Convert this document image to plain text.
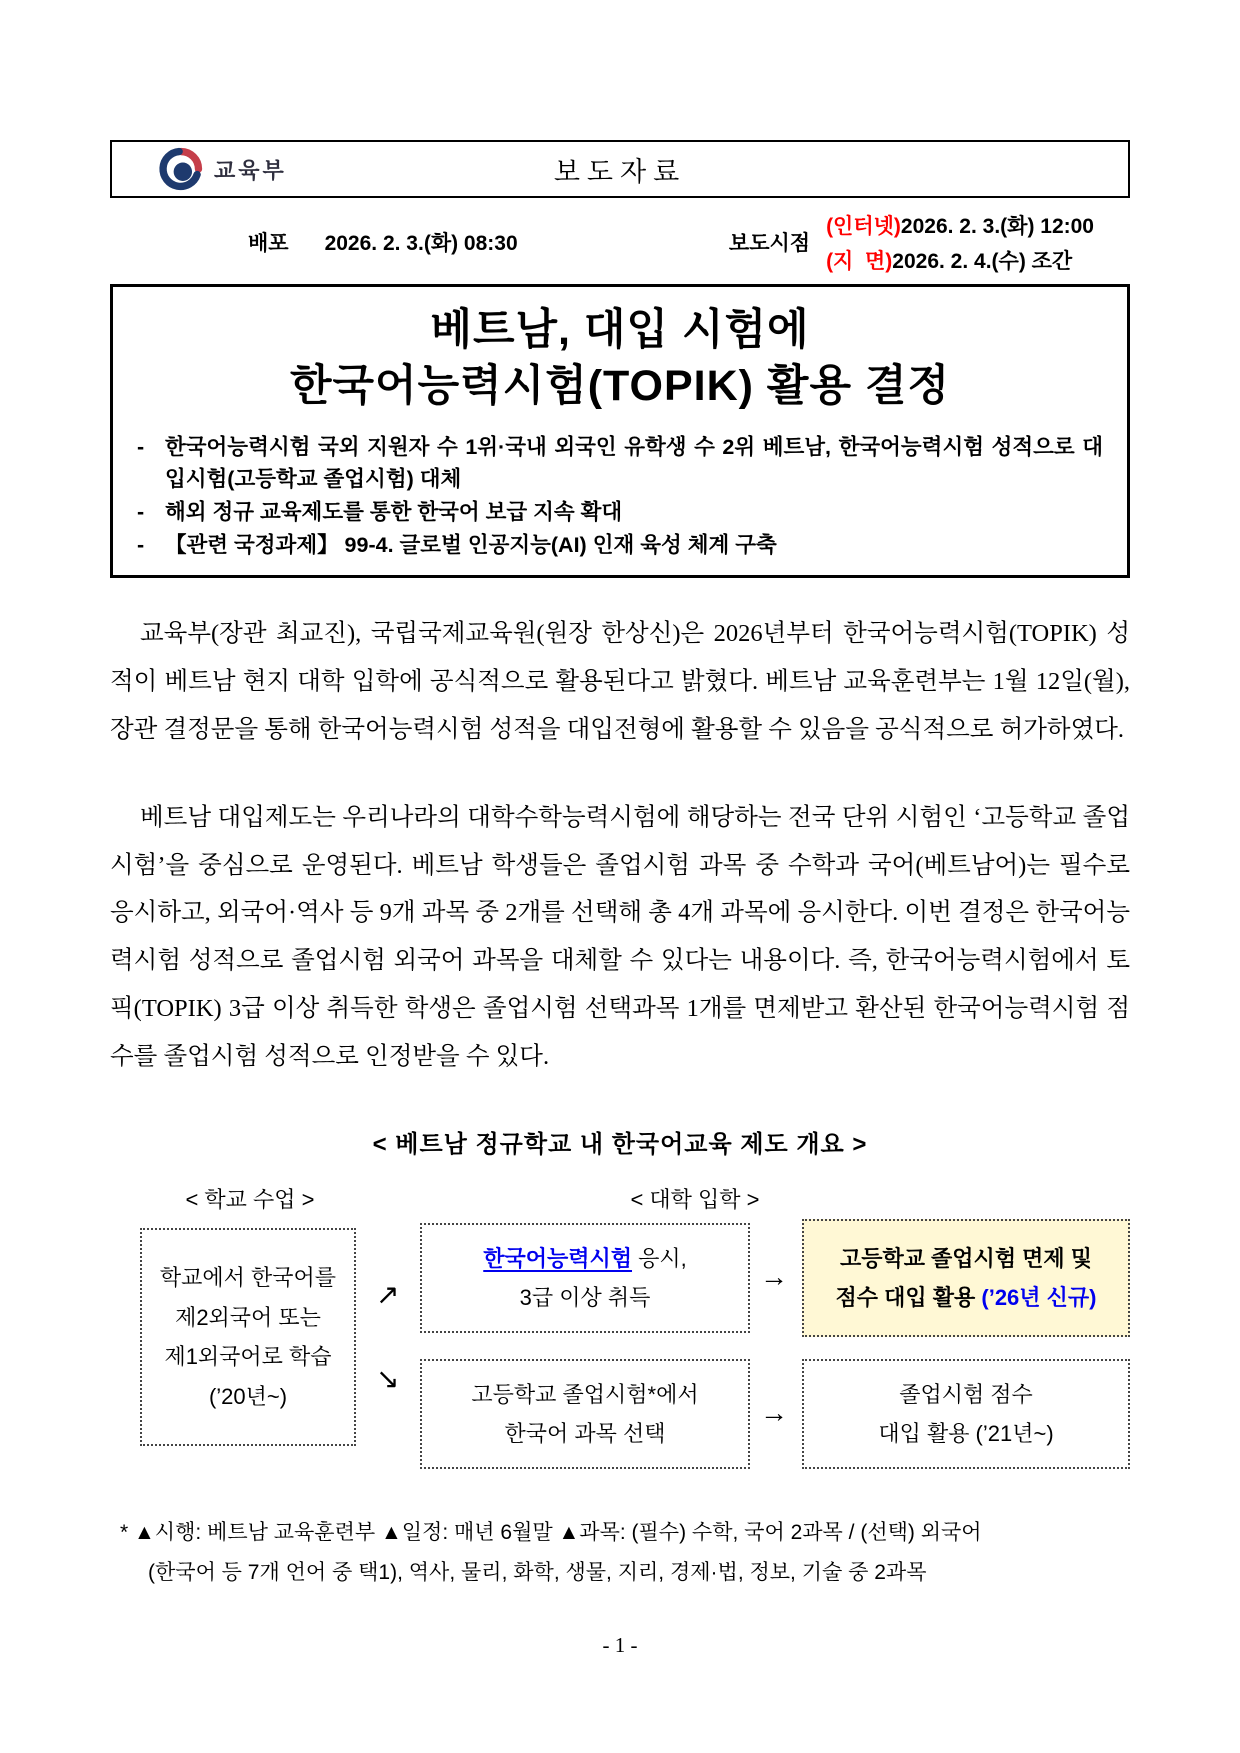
교육부	보도자료
배포 2026. 2. 3.(화) 08:30	보도시점
(인터넷)2026. 2. 3.(화) 12:00
(지  면)2026. 2. 4.(수) 조간
베트남, 대입 시험에
한국어능력시험(TOPIK) 활용 결정
- 한국어능력시험 국외 지원자 수 1위·국내 외국인 유학생 수 2위 베트남, 한국어능력시험 성적으로 대입시험(고등학교 졸업시험) 대체
- 해외 정규 교육제도를 통한 한국어 보급 지속 확대
- 【관련 국정과제】 99-4. 글로벌 인공지능(AI) 인재 육성 체계 구축

교육부(장관 최교진), 국립국제교육원(원장 한상신)은 2026년부터 한국어능력시험(TOPIK) 성적이 베트남 현지 대학 입학에 공식적으로 활용된다고 밝혔다. 베트남 교육훈련부는 1월 12일(월), 장관 결정문을 통해 한국어능력시험 성적을 대입전형에 활용할 수 있음을 공식적으로 허가하였다.

베트남 대입제도는 우리나라의 대학수학능력시험에 해당하는 전국 단위 시험인 ‘고등학교 졸업시험’을 중심으로 운영된다. 베트남 학생들은 졸업시험 과목 중 수학과 국어(베트남어)는 필수로 응시하고, 외국어·역사 등 9개 과목 중 2개를 선택해 총 4개 과목에 응시한다. 이번 결정은 한국어능력시험 성적으로 졸업시험 외국어 과목을 대체할 수 있다는 내용이다. 즉, 한국어능력시험에서 토픽(TOPIK) 3급 이상 취득한 학생은 졸업시험 선택과목 1개를 면제받고 환산된 한국어능력시험 점수를 졸업시험 성적으로 인정받을 수 있다.

< 베트남 정규학교 내 한국어교육 제도 개요 >
< 학교 수업 >	< 대학 입학 >
학교에서 한국어를
제2외국어 또는
제1외국어로 학습
(’20년~)
↗
↘
한국어능력시험 응시,
3급 이상 취득
고등학교 졸업시험*에서
한국어 과목 선택
→
→
고등학교 졸업시험 면제 및
점수 대입 활용 (’26년 신규)
졸업시험 점수
대입 활용 (’21년~)
* ▲시행: 베트남 교육훈련부 ▲일정: 매년 6월말 ▲과목: (필수) 수학, 국어 2과목 / (선택) 외국어
(한국어 등 7개 언어 중 택1), 역사, 물리, 화학, 생물, 지리, 경제·법, 정보, 기술 중 2과목
- 1 -
